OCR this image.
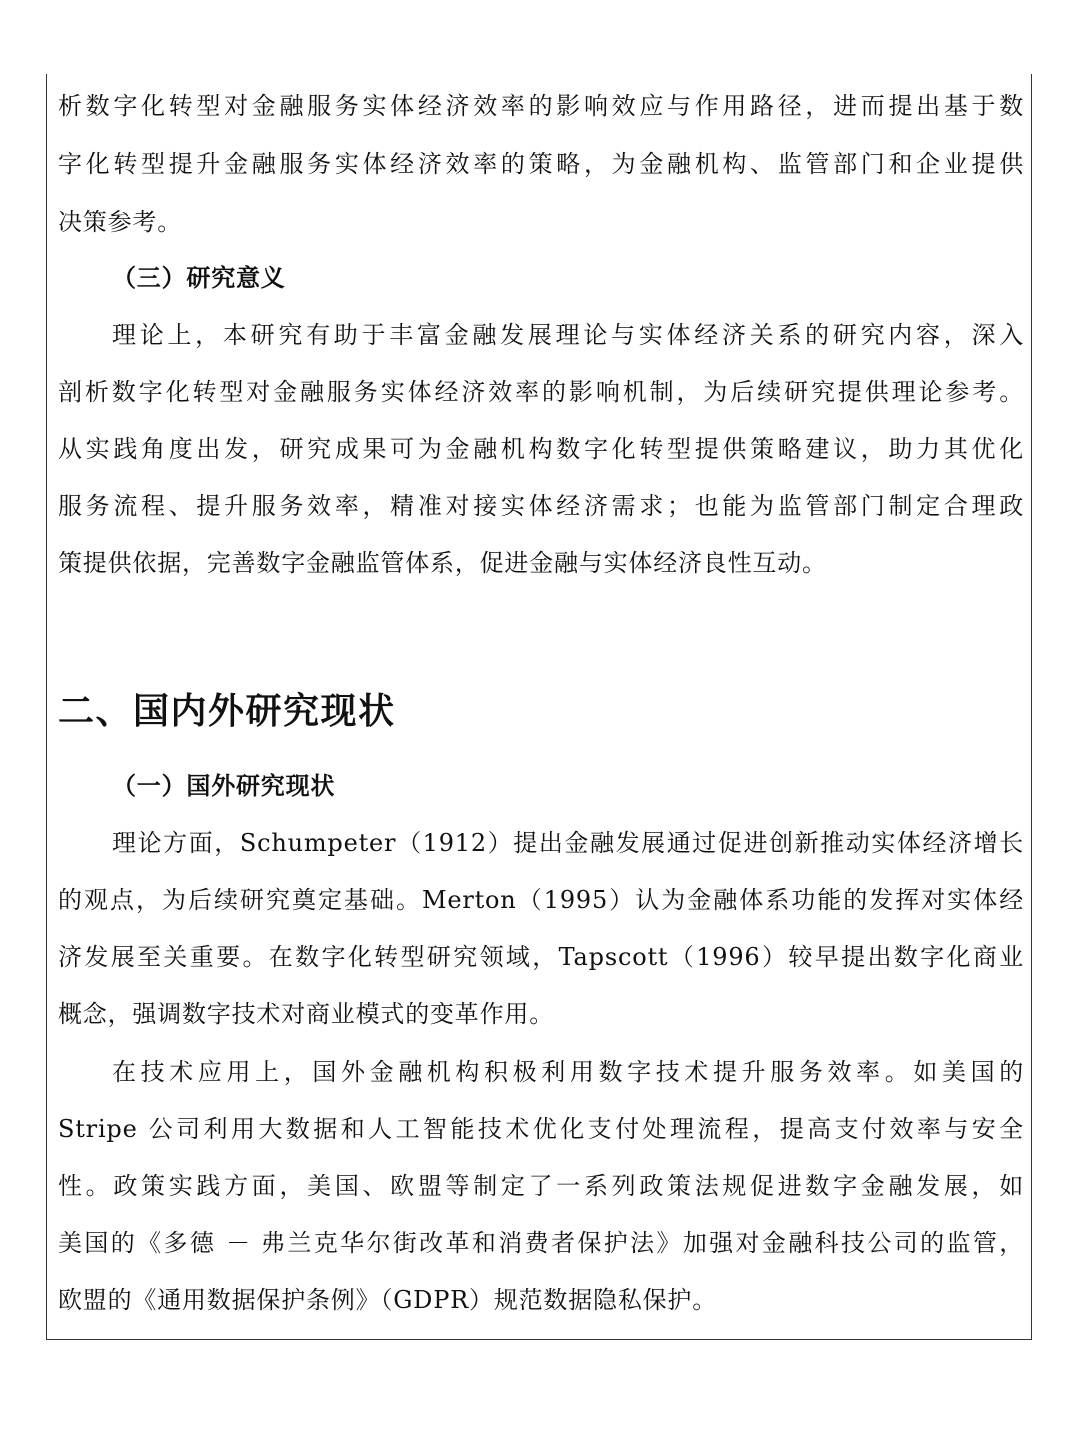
析数字化转型对金融服务实体经济效率的影响效应与作用路径，进而提出基于数
字化转型提升金融服务实体经济效率的策略，为金融机构、监管部门和企业提供
决策参考。
（三）研究意义
理论上，本研究有助于丰富金融发展理论与实体经济关系的研究内容，深入
剖析数字化转型对金融服务实体经济效率的影响机制，为后续研究提供理论参考。
从实践角度出发，研究成果可为金融机构数字化转型提供策略建议，助力其优化
服务流程、提升服务效率，精准对接实体经济需求；也能为监管部门制定合理政
策提供依据，完善数字金融监管体系，促进金融与实体经济良性互动。
二、国内外研究现状
（一）国外研究现状
理论方面，Schumpeter（1912）提出金融发展通过促进创新推动实体经济增长
的观点，为后续研究奠定基础。Merton（1995）认为金融体系功能的发挥对实体经
济发展至关重要。在数字化转型研究领域，Tapscott（1996）较早提出数字化商业
概念，强调数字技术对商业模式的变革作用。
在技术应用上，国外金融机构积极利用数字技术提升服务效率。如美国的
Stripe 公司利用大数据和人工智能技术优化支付处理流程，提高支付效率与安全
性。政策实践方面，美国、欧盟等制定了一系列政策法规促进数字金融发展，如
美国的《多德 － 弗兰克华尔街改革和消费者保护法》加强对金融科技公司的监管，
欧盟的《通用数据保护条例》（GDPR）规范数据隐私保护。
